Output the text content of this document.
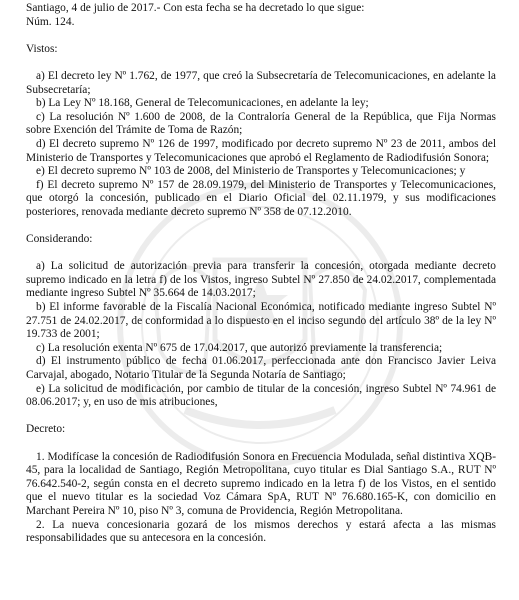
Santiago, 4 de julio de 2017.- Con esta fecha se ha decretado lo que sigue:

Núm. 124.

Vistos:

a) El decreto ley Nº 1.762, de 1977, que creó la Subsecretaría de Telecomunicaciones, en adelante la Subsecretaría;

b) La Ley Nº 18.168, General de Telecomunicaciones, en adelante la ley;

c) La resolución Nº 1.600 de 2008, de la Contraloría General de la República, que Fija Normas sobre Exención del Trámite de Toma de Razón;

d) El decreto supremo Nº 126 de 1997, modificado por decreto supremo Nº 23 de 2011, ambos del Ministerio de Transportes y Telecomunicaciones que aprobó el Reglamento de Radiodifusión Sonora;

e) El decreto supremo Nº 103 de 2008, del Ministerio de Transportes y Telecomunicaciones; y

f) El decreto supremo Nº 157 de 28.09.1979, del Ministerio de Transportes y Telecomunicaciones, que otorgó la concesión, publicado en el Diario Oficial del 02.11.1979, y sus modificaciones posteriores, renovada mediante decreto supremo Nº 358 de 07.12.2010.

Considerando:

a) La solicitud de autorización previa para transferir la concesión, otorgada mediante decreto supremo indicado en la letra f) de los Vistos, ingreso Subtel Nº 27.850 de 24.02.2017, complementada mediante ingreso Subtel Nº 35.664 de 14.03.2017;

b) El informe favorable de la Fiscalía Nacional Económica, notificado mediante ingreso Subtel Nº 27.751 de 24.02.2017, de conformidad a lo dispuesto en el inciso segundo del artículo 38º de la ley Nº 19.733 de 2001;

c) La resolución exenta Nº 675 de 17.04.2017, que autorizó previamente la transferencia;

d) El instrumento público de fecha 01.06.2017, perfeccionada ante don Francisco Javier Leiva Carvajal, abogado, Notario Titular de la Segunda Notaría de Santiago;

e) La solicitud de modificación, por cambio de titular de la concesión, ingreso Subtel Nº 74.961 de 08.06.2017; y, en uso de mis atribuciones,

Decreto:

1. Modifícase la concesión de Radiodifusión Sonora en Frecuencia Modulada, señal distintiva XQB-45, para la localidad de Santiago, Región Metropolitana, cuyo titular es Dial Santiago S.A., RUT Nº 76.642.540-2, según consta en el decreto supremo indicado en la letra f) de los Vistos, en el sentido que el nuevo titular es la sociedad Voz Cámara SpA, RUT Nº 76.680.165-K, con domicilio en Marchant Pereira Nº 10, piso Nº 3, comuna de Providencia, Región Metropolitana.

2. La nueva concesionaria gozará de los mismos derechos y estará afecta a las mismas responsabilidades que su antecesora en la concesión.
